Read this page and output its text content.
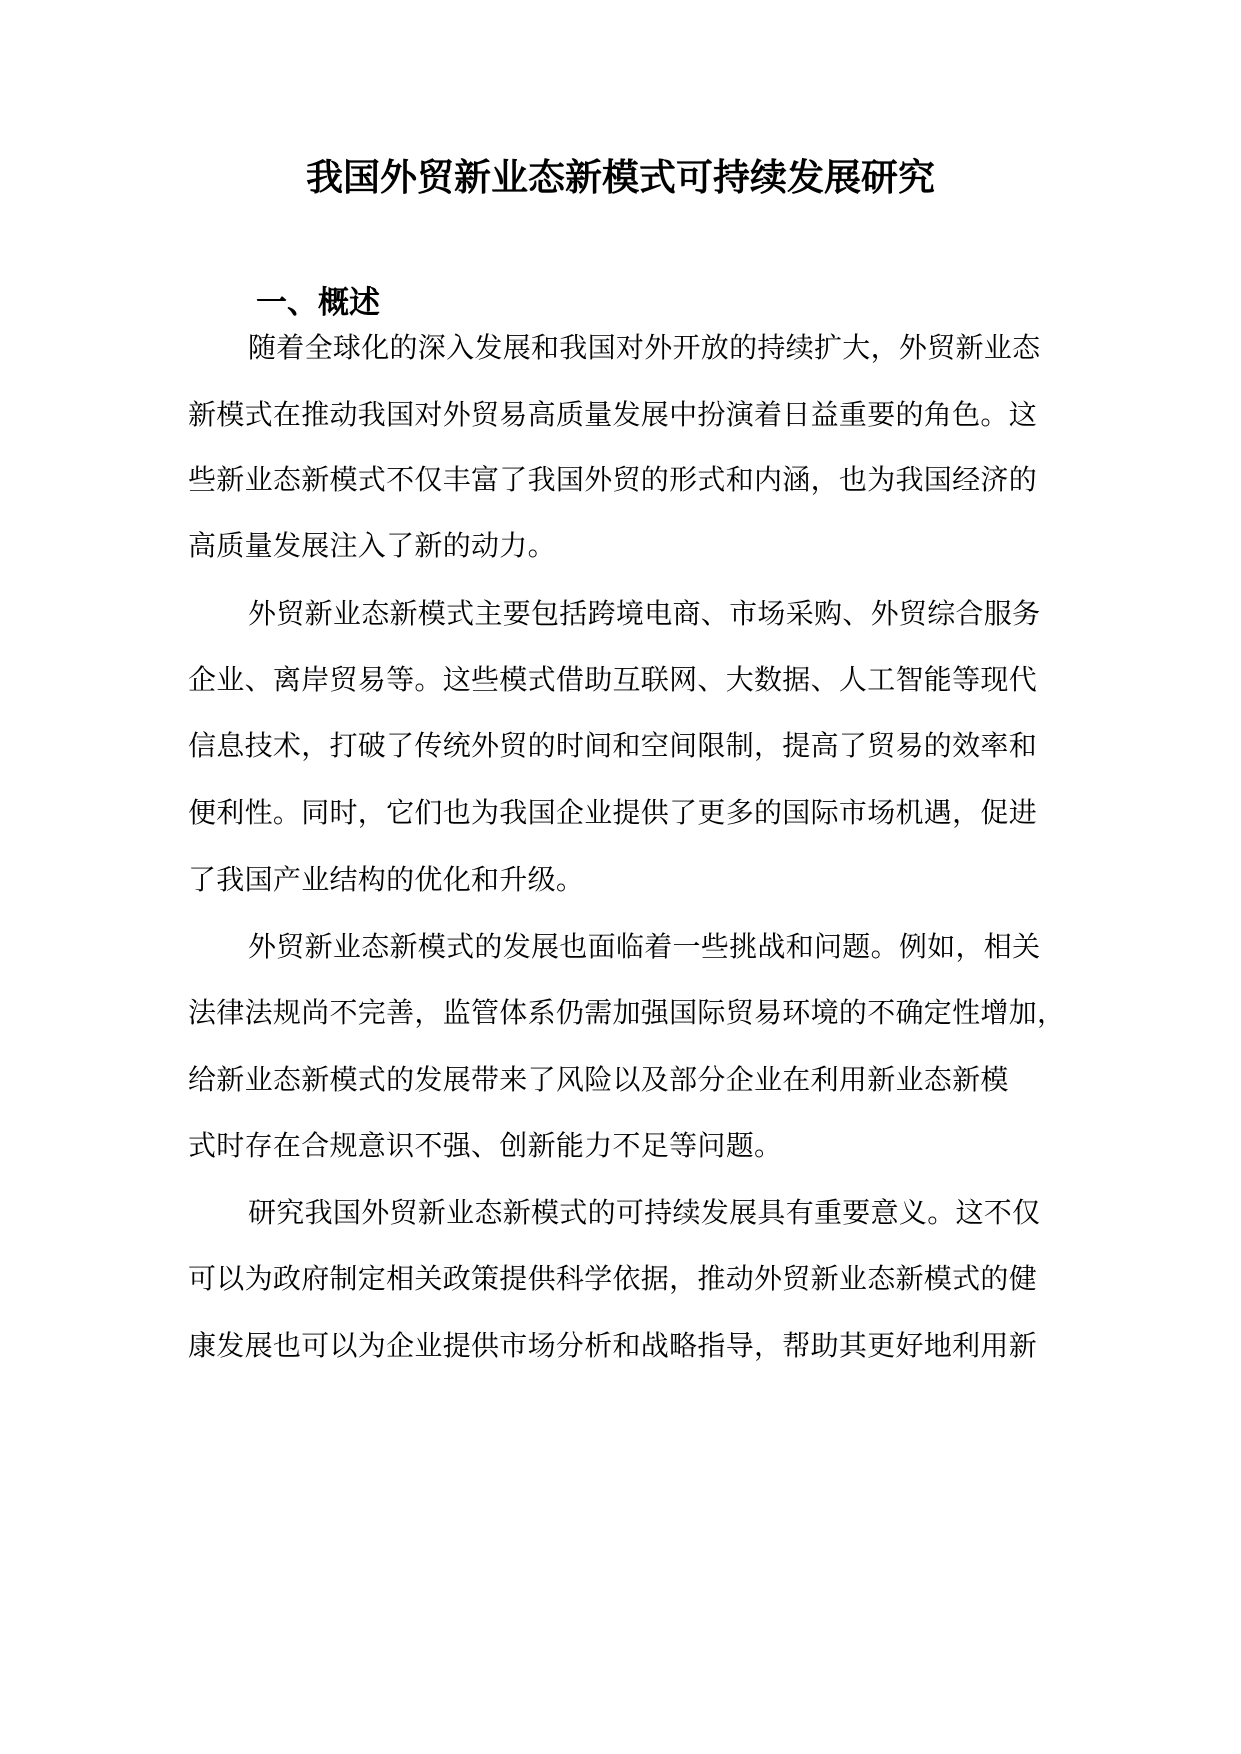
我国外贸新业态新模式可持续发展研究
一、概述

随着全球化的深入发展和我国对外开放的持续扩大，外贸新业态

新模式在推动我国对外贸易高质量发展中扮演着日益重要的角色。这

些新业态新模式不仅丰富了我国外贸的形式和内涵，也为我国经济的

高质量发展注入了新的动力。

外贸新业态新模式主要包括跨境电商、市场采购、外贸综合服务

企业、离岸贸易等。这些模式借助互联网、大数据、人工智能等现代

信息技术，打破了传统外贸的时间和空间限制，提高了贸易的效率和

便利性。同时，它们也为我国企业提供了更多的国际市场机遇，促进

了我国产业结构的优化和升级。

外贸新业态新模式的发展也面临着一些挑战和问题。例如，相关

法律法规尚不完善，监管体系仍需加强国际贸易环境的不确定性增加，

给新业态新模式的发展带来了风险以及部分企业在利用新业态新模

式时存在合规意识不强、创新能力不足等问题。

研究我国外贸新业态新模式的可持续发展具有重要意义。这不仅

可以为政府制定相关政策提供科学依据，推动外贸新业态新模式的健

康发展也可以为企业提供市场分析和战略指导，帮助其更好地利用新
